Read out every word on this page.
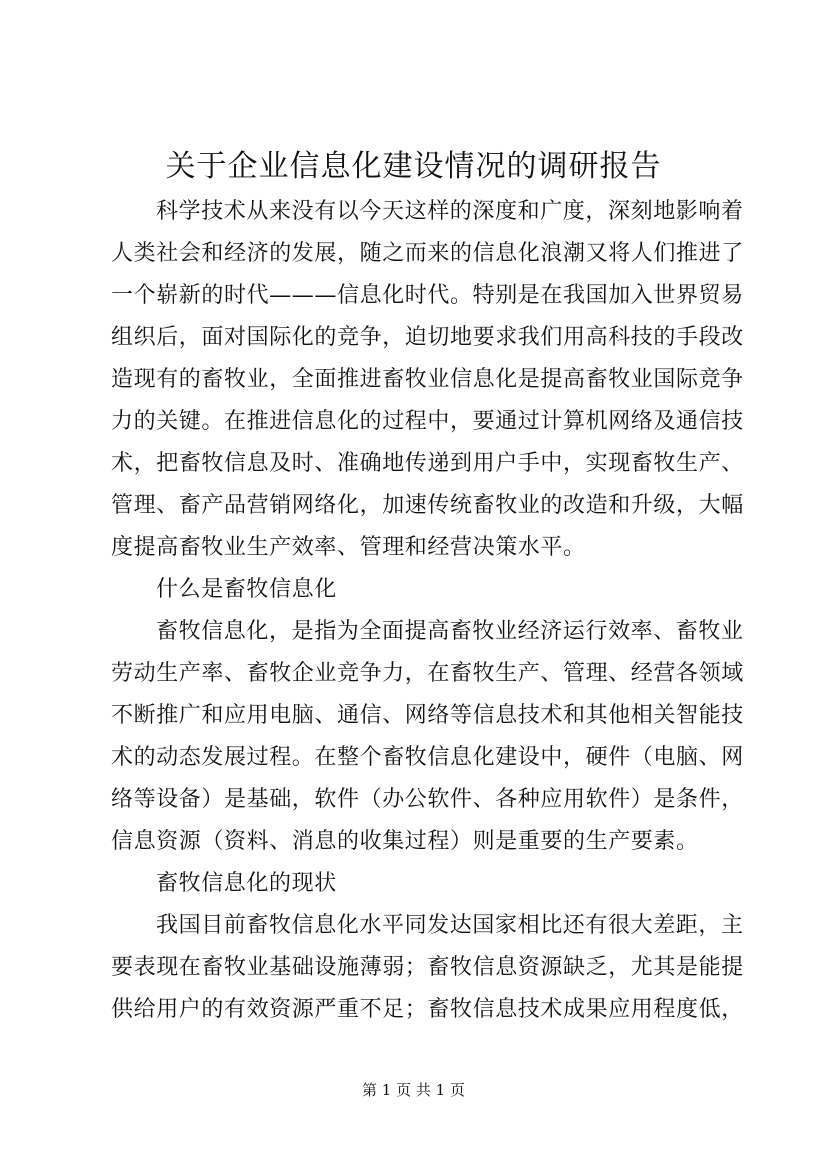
关于企业信息化建设情况的调研报告
科学技术从来没有以今天这样的深度和广度，深刻地影响着
人类社会和经济的发展，随之而来的信息化浪潮又将人们推进了
一个崭新的时代———信息化时代。特别是在我国加入世界贸易
组织后，面对国际化的竞争，迫切地要求我们用高科技的手段改
造现有的畜牧业，全面推进畜牧业信息化是提高畜牧业国际竞争
力的关键。在推进信息化的过程中，要通过计算机网络及通信技
术，把畜牧信息及时、准确地传递到用户手中，实现畜牧生产、
管理、畜产品营销网络化，加速传统畜牧业的改造和升级，大幅
度提高畜牧业生产效率、管理和经营决策水平。
什么是畜牧信息化
畜牧信息化，是指为全面提高畜牧业经济运行效率、畜牧业
劳动生产率、畜牧企业竞争力，在畜牧生产、管理、经营各领域
不断推广和应用电脑、通信、网络等信息技术和其他相关智能技
术的动态发展过程。在整个畜牧信息化建设中，硬件（电脑、网
络等设备）是基础，软件（办公软件、各种应用软件）是条件，
信息资源（资料、消息的收集过程）则是重要的生产要素。
畜牧信息化的现状
我国目前畜牧信息化水平同发达国家相比还有很大差距，主
要表现在畜牧业基础设施薄弱；畜牧信息资源缺乏，尤其是能提
供给用户的有效资源严重不足；畜牧信息技术成果应用程度低，
第 1 页 共 1 页
